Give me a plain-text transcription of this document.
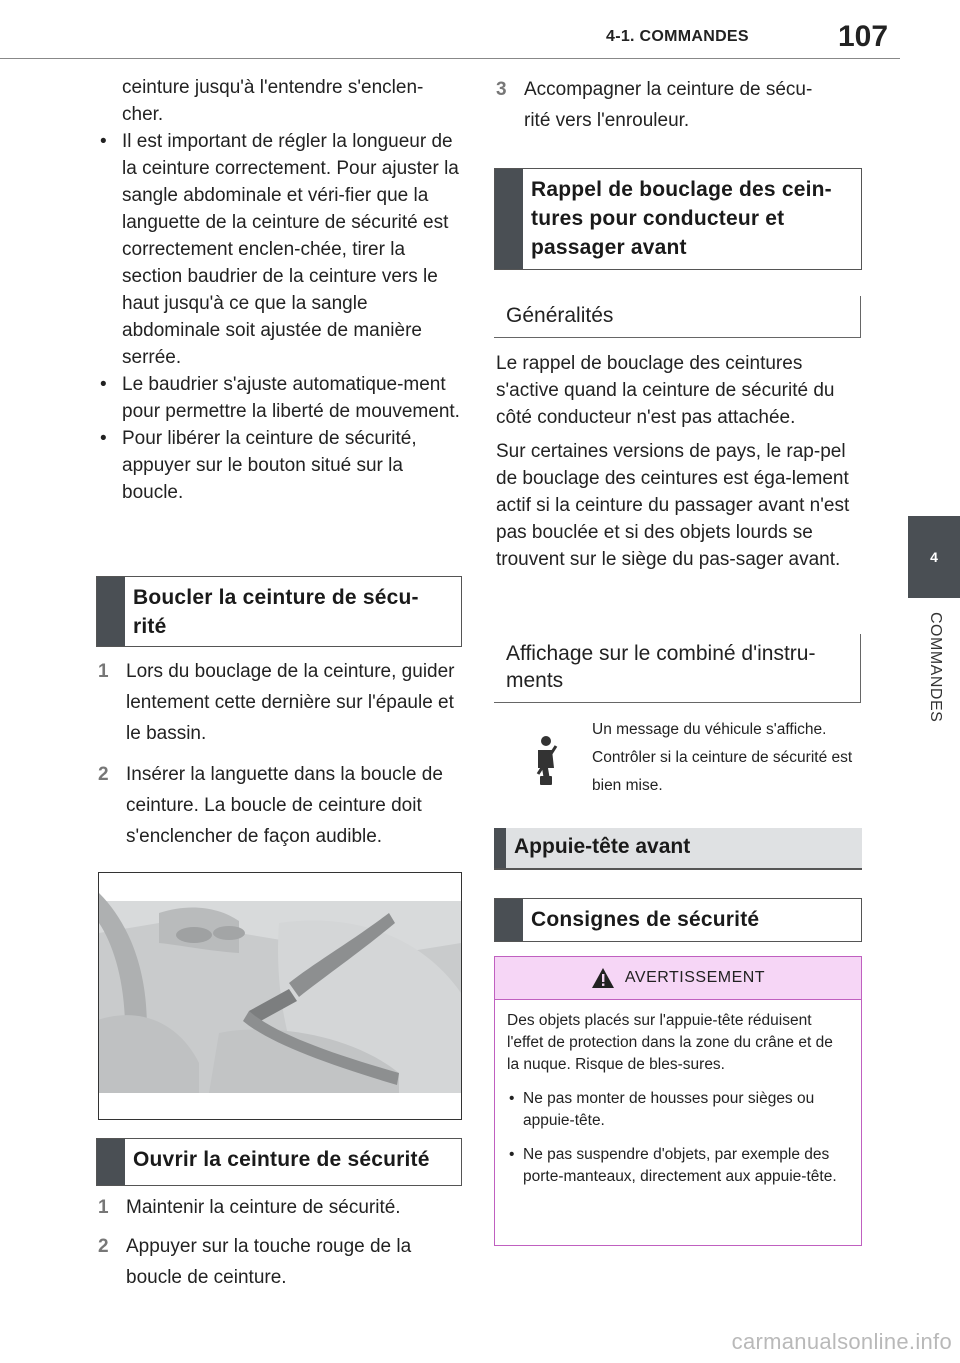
4-1. COMMANDES	107
4
COMMANDES
ceinture jusqu'à l'entendre s'enclen-
cher.
• Il est important de régler la longueur de la ceinture correctement. Pour ajuster la sangle abdominale et véri-fier que la languette de la ceinture de sécurité est correctement enclen-chée, tirer la section baudrier de la ceinture vers le haut jusqu'à ce que la sangle abdominale soit ajustée de manière serrée.
• Le baudrier s'ajuste automatique-ment pour permettre la liberté de mouvement.
• Pour libérer la ceinture de sécurité, appuyer sur le bouton situé sur la boucle.
Boucler la ceinture de sécu-
rité
1 Lors du bouclage de la ceinture, guider lentement cette dernière sur l'épaule et le bassin.
2 Insérer la languette dans la boucle de ceinture. La boucle de ceinture doit s'enclencher de façon audible.
Ouvrir la ceinture de sécurité
1 Maintenir la ceinture de sécurité.
2 Appuyer sur la touche rouge de la boucle de ceinture.
3 Accompagner la ceinture de sécu-
rité vers l'enrouleur.
Rappel de bouclage des cein-
tures pour conducteur et
passager avant
Généralités
Le rappel de bouclage des ceintures s'active quand la ceinture de sécurité du côté conducteur n'est pas attachée.
Sur certaines versions de pays, le rap-pel de bouclage des ceintures est éga-lement actif si la ceinture du passager avant n'est pas bouclée et si des objets lourds se trouvent sur le siège du pas-sager avant.
Affichage sur le combiné d'instru-
ments
Un message du véhicule s'affiche. Contrôler si la ceinture de sécurité est bien mise.
Appuie-tête avant
Consignes de sécurité
AVERTISSEMENT

Des objets placés sur l'appuie-tête réduisent l'effet de protection dans la zone du crâne et de la nuque. Risque de bles-sures.

• Ne pas monter de housses pour sièges ou appuie-tête.
• Ne pas suspendre d'objets, par exemple des porte-manteaux, directement aux appuie-tête.
carmanualsonline.info
